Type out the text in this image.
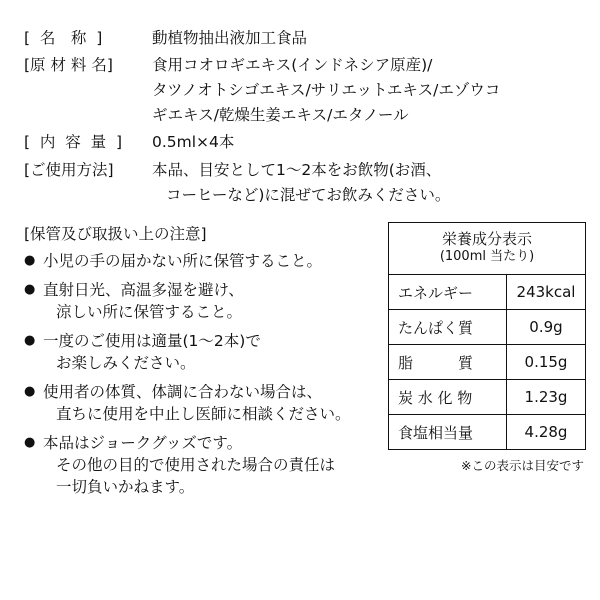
[  名　称  ]	動植物抽出液加工食品
[原 材 料 名]	食用コオロギエキス(インドネシア原産)/
タツノオトシゴエキス/サリエットエキス/エゾウコ
ギエキス/乾燥生姜エキス/エタノール
[  内  容  量  ]	0.5ml×4本
[ご使用方法]	本品、目安として1〜2本をお飲物(お酒、
コーヒーなど)に混ぜてお飲みください。
[保管及び取扱い上の注意]
● 小児の手の届かない所に保管すること。
● 直射日光、高温多湿を避け、
涼しい所に保管すること。
● 一度のご使用は適量(1〜2本)で
お楽しみください。
● 使用者の体質、体調に合わない場合は、
直ちに使用を中止し医師に相談ください。
● 本品はジョークグッズです。
その他の目的で使用された場合の責任は
一切負いかねます。
栄養成分表示
(100ml 当たり)	

エネルギー	243kcal
たんぱく質	0.9g
脂　　　質	0.15g
炭 水 化 物	1.23g
食塩相当量	4.28g
※この表示は目安です
